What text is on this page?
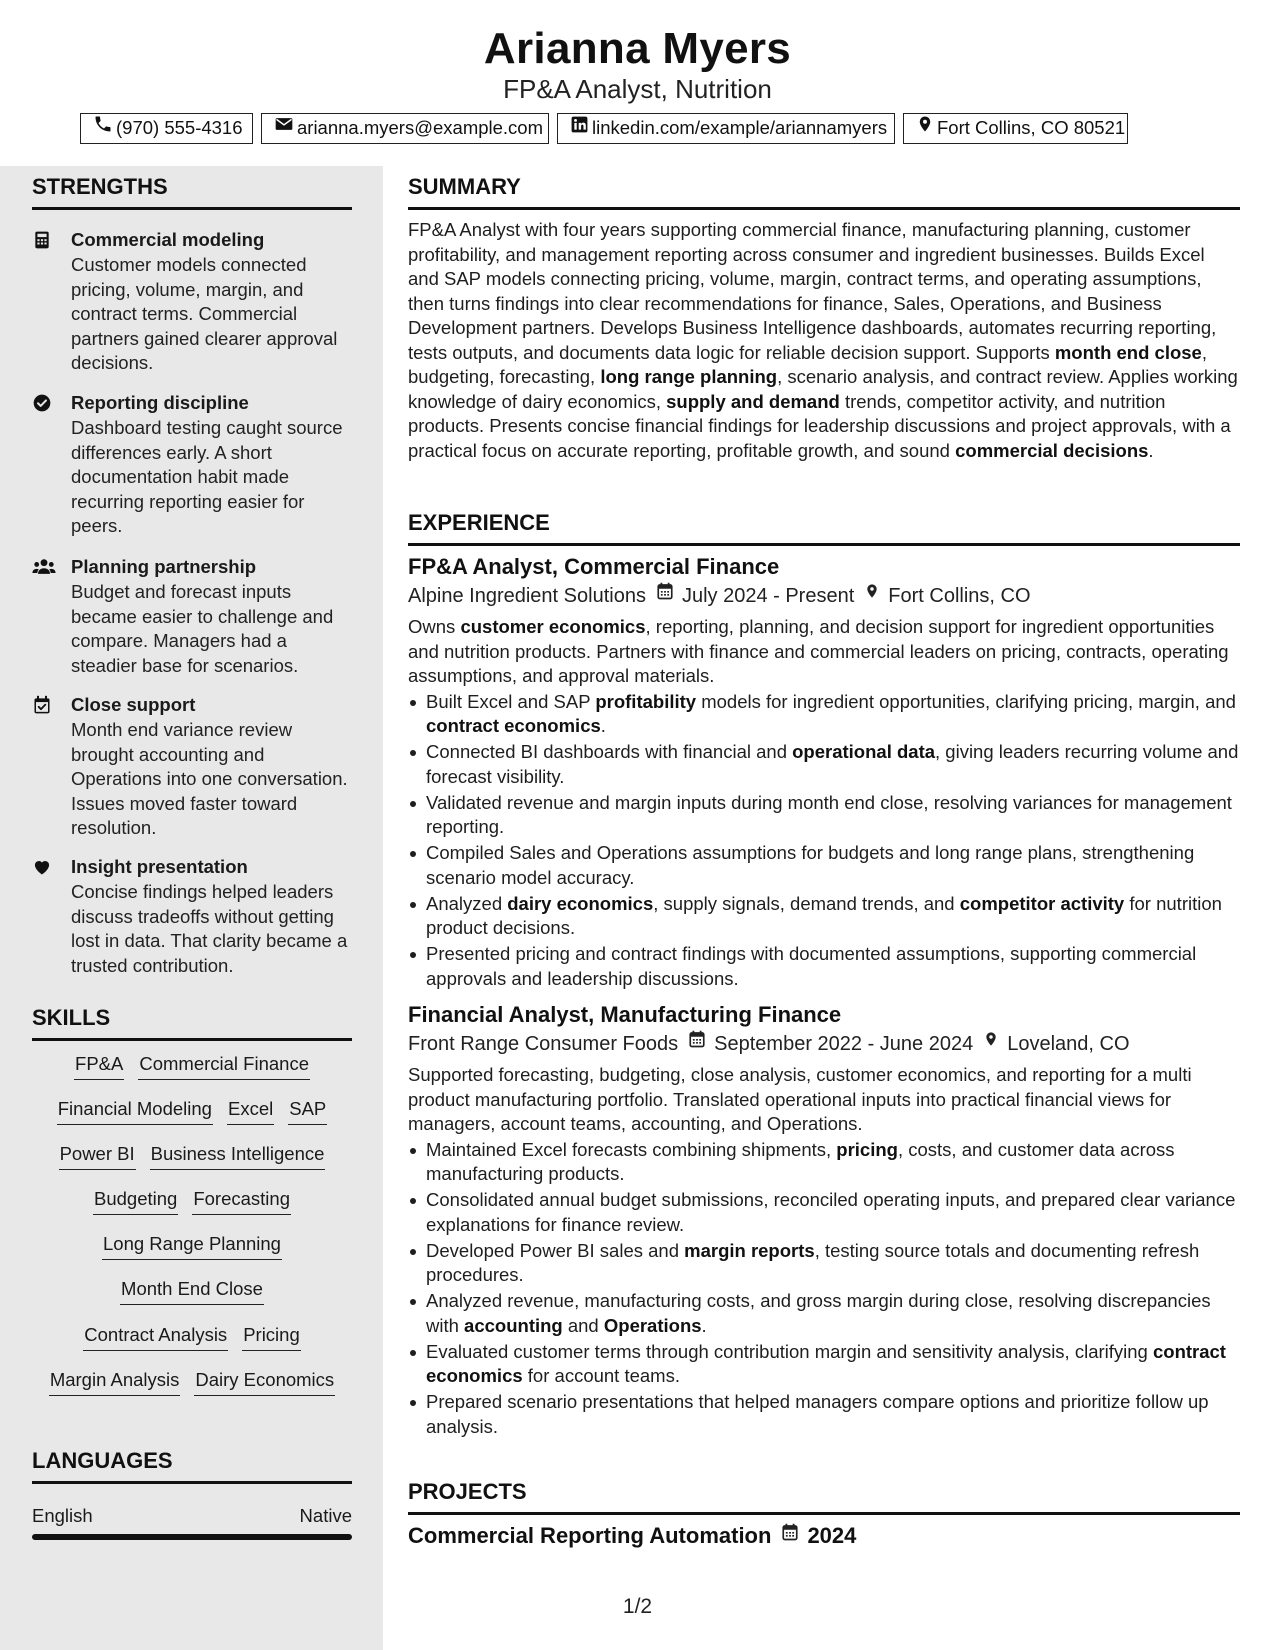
Arianna Myers
FP&A Analyst, Nutrition
(970) 555-4316	arianna.myers@example.com	linkedin.com/example/ariannamyers	Fort Collins, CO 80521
STRENGTHS
Commercial modeling
Customer models connected pricing, volume, margin, and contract terms. Commercial partners gained clearer approval decisions.
Reporting discipline
Dashboard testing caught source differences early. A short documentation habit made recurring reporting easier for peers.
Planning partnership
Budget and forecast inputs became easier to challenge and compare. Managers had a steadier base for scenarios.
Close support
Month end variance review brought accounting and Operations into one conversation. Issues moved faster toward resolution.
Insight presentation
Concise findings helped leaders discuss tradeoffs without getting lost in data. That clarity became a trusted contribution.
SKILLS
FP&A Commercial Finance
Financial Modeling Excel SAP
Power BI Business Intelligence
Budgeting Forecasting
Long Range Planning
Month End Close
Contract Analysis Pricing
Margin Analysis Dairy Economics
LANGUAGES
English	Native
SUMMARY
FP&A Analyst with four years supporting commercial finance, manufacturing planning, customer profitability, and management reporting across consumer and ingredient businesses. Builds Excel and SAP models connecting pricing, volume, margin, contract terms, and operating assumptions, then turns findings into clear recommendations for finance, Sales, Operations, and Business Development partners. Develops Business Intelligence dashboards, automates recurring reporting, tests outputs, and documents data logic for reliable decision support. Supports month end close, budgeting, forecasting, long range planning, scenario analysis, and contract review. Applies working knowledge of dairy economics, supply and demand trends, competitor activity, and nutrition products. Presents concise financial findings for leadership discussions and project approvals, with a practical focus on accurate reporting, profitable growth, and sound commercial decisions.
EXPERIENCE
FP&A Analyst, Commercial Finance
Alpine Ingredient Solutions July 2024 - Present Fort Collins, CO
Owns customer economics, reporting, planning, and decision support for ingredient opportunities and nutrition products. Partners with finance and commercial leaders on pricing, contracts, operating assumptions, and approval materials.
Built Excel and SAP profitability models for ingredient opportunities, clarifying pricing, margin, and contract economics.
Connected BI dashboards with financial and operational data, giving leaders recurring volume and forecast visibility.
Validated revenue and margin inputs during month end close, resolving variances for management reporting.
Compiled Sales and Operations assumptions for budgets and long range plans, strengthening scenario model accuracy.
Analyzed dairy economics, supply signals, demand trends, and competitor activity for nutrition product decisions.
Presented pricing and contract findings with documented assumptions, supporting commercial approvals and leadership discussions.
Financial Analyst, Manufacturing Finance
Front Range Consumer Foods September 2022 - June 2024 Loveland, CO
Supported forecasting, budgeting, close analysis, customer economics, and reporting for a multi product manufacturing portfolio. Translated operational inputs into practical financial views for managers, account teams, accounting, and Operations.
Maintained Excel forecasts combining shipments, pricing, costs, and customer data across manufacturing products.
Consolidated annual budget submissions, reconciled operating inputs, and prepared clear variance explanations for finance review.
Developed Power BI sales and margin reports, testing source totals and documenting refresh procedures.
Analyzed revenue, manufacturing costs, and gross margin during close, resolving discrepancies with accounting and Operations.
Evaluated customer terms through contribution margin and sensitivity analysis, clarifying contract economics for account teams.
Prepared scenario presentations that helped managers compare options and prioritize follow up analysis.
PROJECTS
Commercial Reporting Automation 2024
1/2
